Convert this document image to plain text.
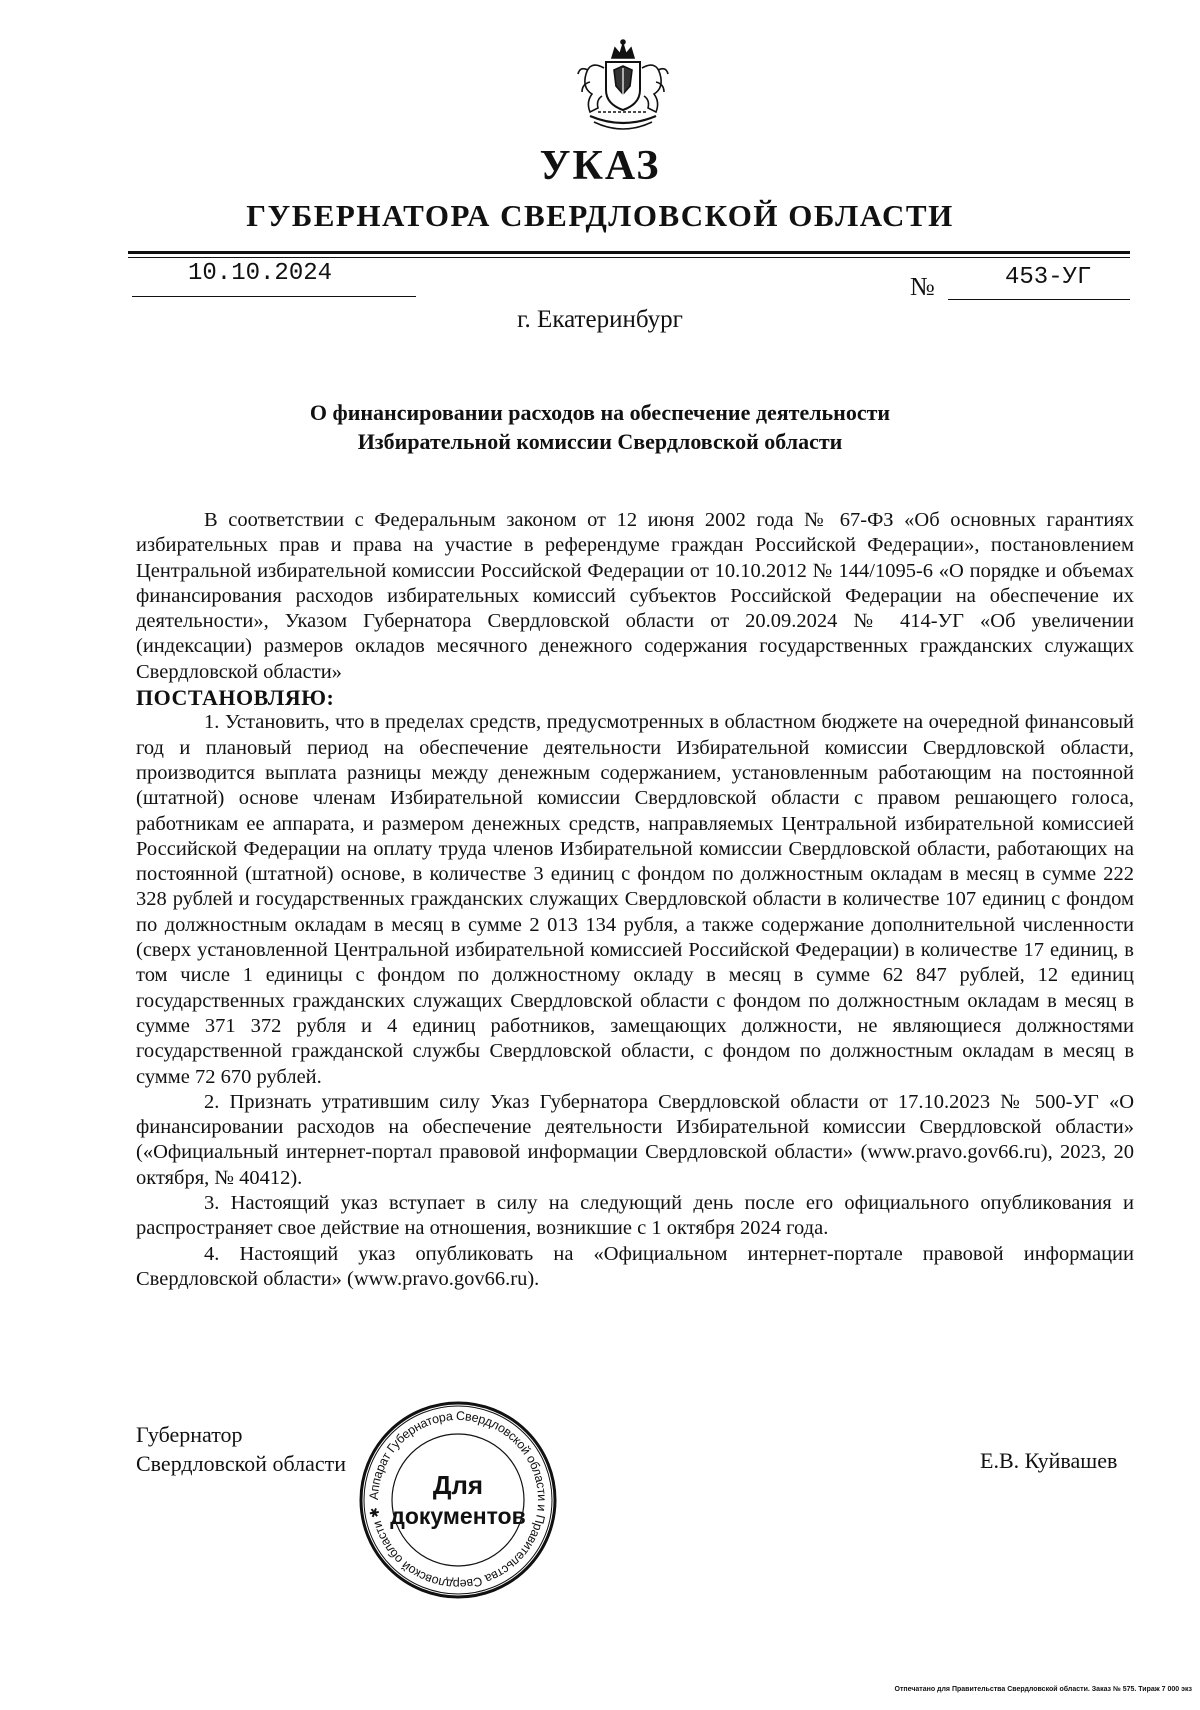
УКАЗ
ГУБЕРНАТОРА СВЕРДЛОВСКОЙ ОБЛАСТИ
10.10.2024	№	453-УГ
г. Екатеринбург
О финансировании расходов на обеспечение деятельности
Избирательной комиссии Свердловской области

В соответствии с Федеральным законом от 12 июня 2002 года № 67-ФЗ «Об основных гарантиях избирательных прав и права на участие в референдуме граждан Российской Федерации», постановлением Центральной избирательной комиссии Российской Федерации от 10.10.2012 № 144/1095-6 «О порядке и объемах финансирования расходов избирательных комиссий субъектов Российской Федерации на обеспечение их деятельности», Указом Губернатора Свердловской области от 20.09.2024 № 414-УГ «Об увеличении (индексации) размеров окладов месячного денежного содержания государственных гражданских служащих Свердловской области»

ПОСТАНОВЛЯЮ:

1. Установить, что в пределах средств, предусмотренных в областном бюджете на очередной финансовый год и плановый период на обеспечение деятельности Избирательной комиссии Свердловской области, производится выплата разницы между денежным содержанием, установленным работающим на постоянной (штатной) основе членам Избирательной комиссии Свердловской области с правом решающего голоса, работникам ее аппарата, и размером денежных средств, направляемых Центральной избирательной комиссией Российской Федерации на оплату труда членов Избирательной комиссии Свердловской области, работающих на постоянной (штатной) основе, в количестве 3 единиц с фондом по должностным окладам в месяц в сумме 222 328 рублей и государственных гражданских служащих Свердловской области в количестве 107 единиц с фондом по должностным окладам в месяц в сумме 2 013 134 рубля, а также содержание дополнительной численности (сверх установленной Центральной избирательной комиссией Российской Федерации) в количестве 17 единиц, в том числе 1 единицы с фондом по должностному окладу в месяц в сумме 62 847 рублей, 12 единиц государственных гражданских служащих Свердловской области с фондом по должностным окладам в месяц в сумме 371 372 рубля и 4 единиц работников, замещающих должности, не являющиеся должностями государственной гражданской службы Свердловской области, с фондом по должностным окладам в месяц в сумме 72 670 рублей.

2. Признать утратившим силу Указ Губернатора Свердловской области от 17.10.2023 № 500-УГ «О финансировании расходов на обеспечение деятельности Избирательной комиссии Свердловской области» («Официальный интернет-портал правовой информации Свердловской области» (www.pravo.gov66.ru), 2023, 20 октября, № 40412).

3. Настоящий указ вступает в силу на следующий день после его официального опубликования и распространяет свое действие на отношения, возникшие с 1 октября 2024 года.

4. Настоящий указ опубликовать на «Официальном интернет-портале правовой информации Свердловской области» (www.pravo.gov66.ru).

Губернатор
Свердловской области	Е.В. Куйвашев
Аппарат Губернатора Свердловской области и Правительства Свердловской области ✱
Для
документов
Отпечатано для Правительства Свердловской области. Заказ № 575. Тираж 7 000 экз
